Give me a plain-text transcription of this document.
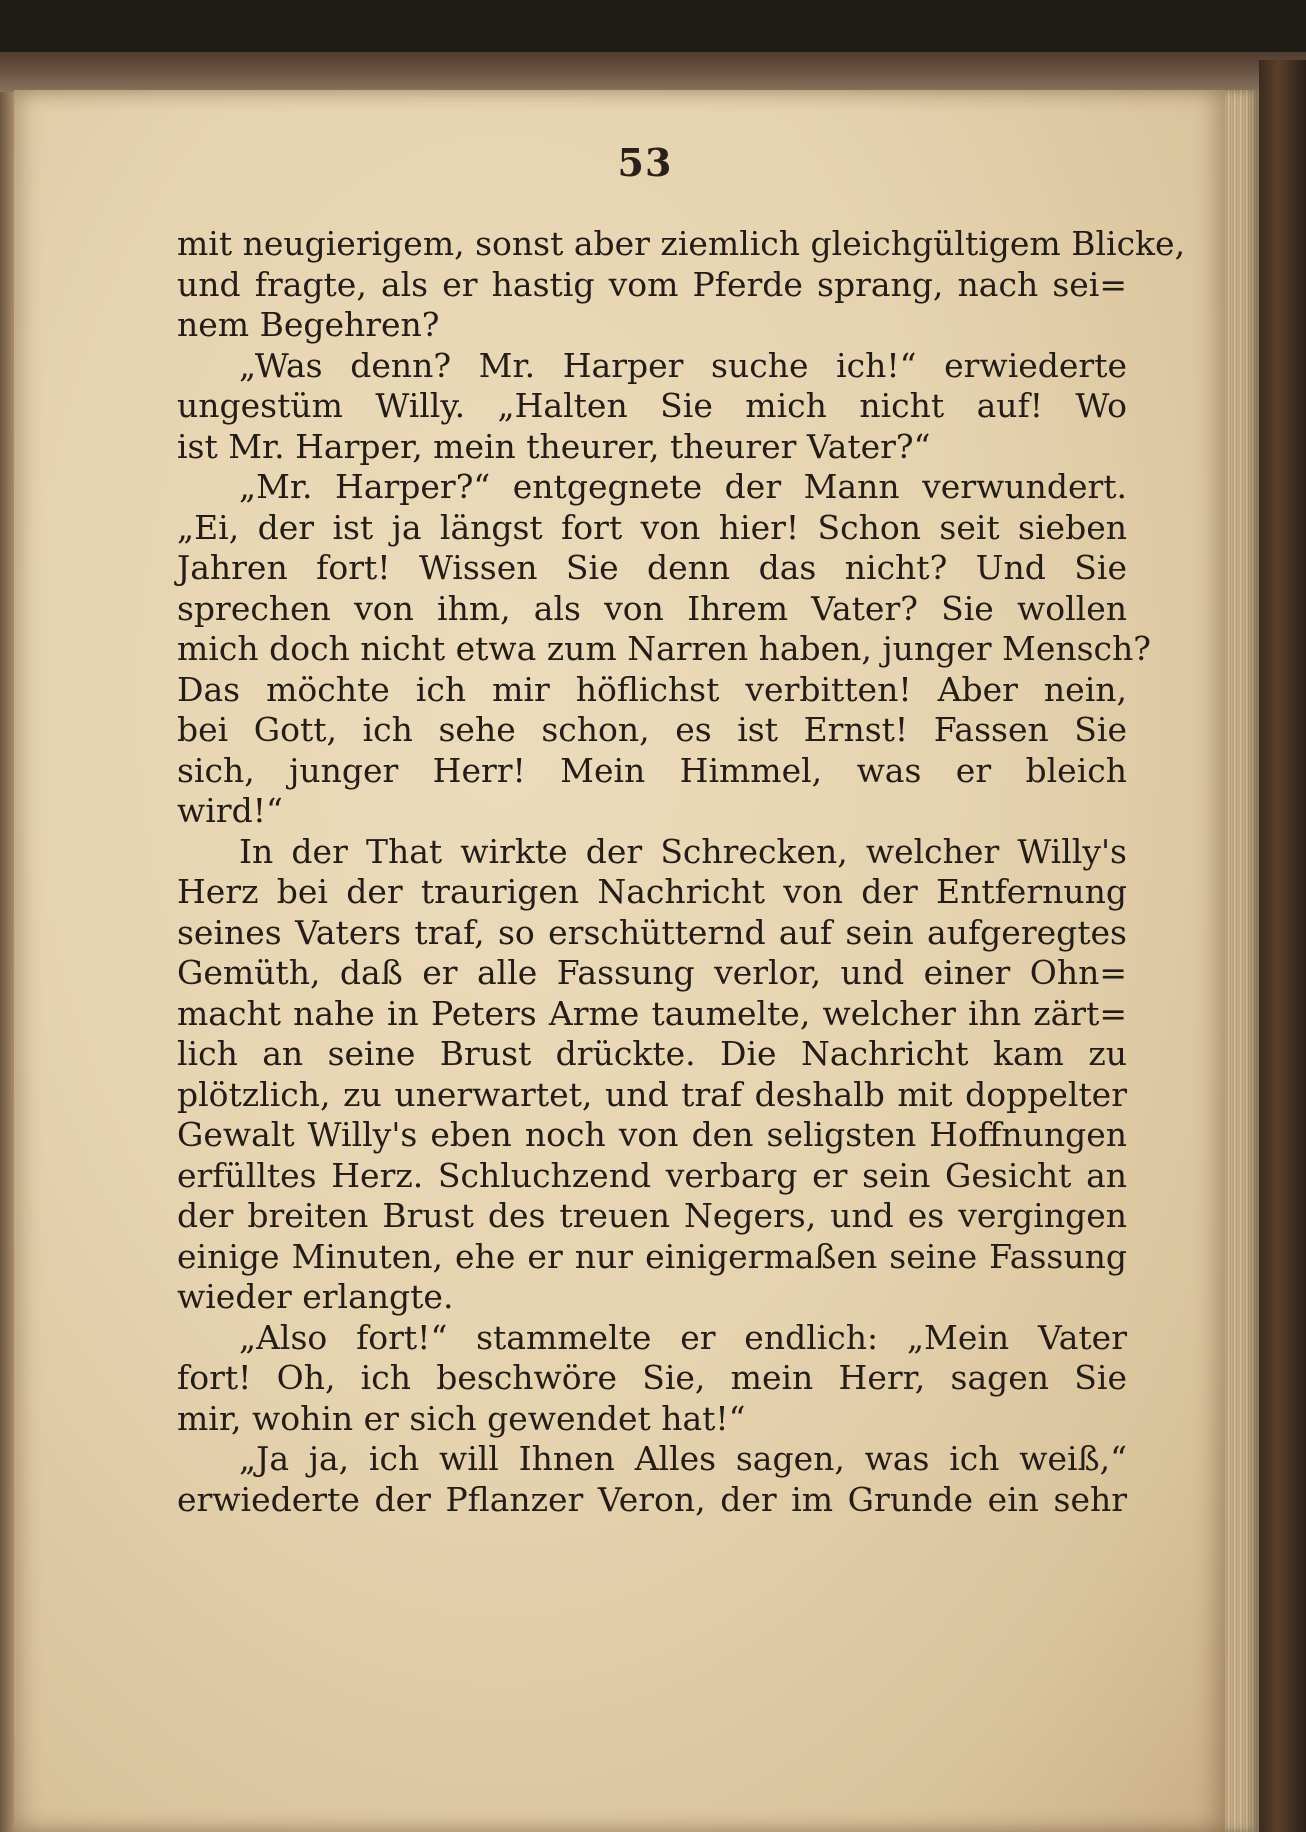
53
mit neugierigem, sonst aber ziemlich gleichgültigem Blicke,
und fragte, als er hastig vom Pferde sprang, nach sei=
nem Begehren?
„Was denn? Mr. Harper suche ich!“ erwiederte
ungestüm Willy. „Halten Sie mich nicht auf! Wo
ist Mr. Harper, mein theurer, theurer Vater?“
„Mr. Harper?“ entgegnete der Mann verwundert.
„Ei, der ist ja längst fort von hier! Schon seit sieben
Jahren fort! Wissen Sie denn das nicht? Und Sie
sprechen von ihm, als von Ihrem Vater? Sie wollen
mich doch nicht etwa zum Narren haben, junger Mensch?
Das möchte ich mir höflichst verbitten! Aber nein,
bei Gott, ich sehe schon, es ist Ernst! Fassen Sie
sich, junger Herr! Mein Himmel, was er bleich
wird!“
In der That wirkte der Schrecken, welcher Willy's
Herz bei der traurigen Nachricht von der Entfernung
seines Vaters traf, so erschütternd auf sein aufgeregtes
Gemüth, daß er alle Fassung verlor, und einer Ohn=
macht nahe in Peters Arme taumelte, welcher ihn zärt=
lich an seine Brust drückte. Die Nachricht kam zu
plötzlich, zu unerwartet, und traf deshalb mit doppelter
Gewalt Willy's eben noch von den seligsten Hoffnungen
erfülltes Herz. Schluchzend verbarg er sein Gesicht an
der breiten Brust des treuen Negers, und es vergingen
einige Minuten, ehe er nur einigermaßen seine Fassung
wieder erlangte.
„Also fort!“ stammelte er endlich: „Mein Vater
fort! Oh, ich beschwöre Sie, mein Herr, sagen Sie
mir, wohin er sich gewendet hat!“
„Ja ja, ich will Ihnen Alles sagen, was ich weiß,“
erwiederte der Pflanzer Veron, der im Grunde ein sehr
